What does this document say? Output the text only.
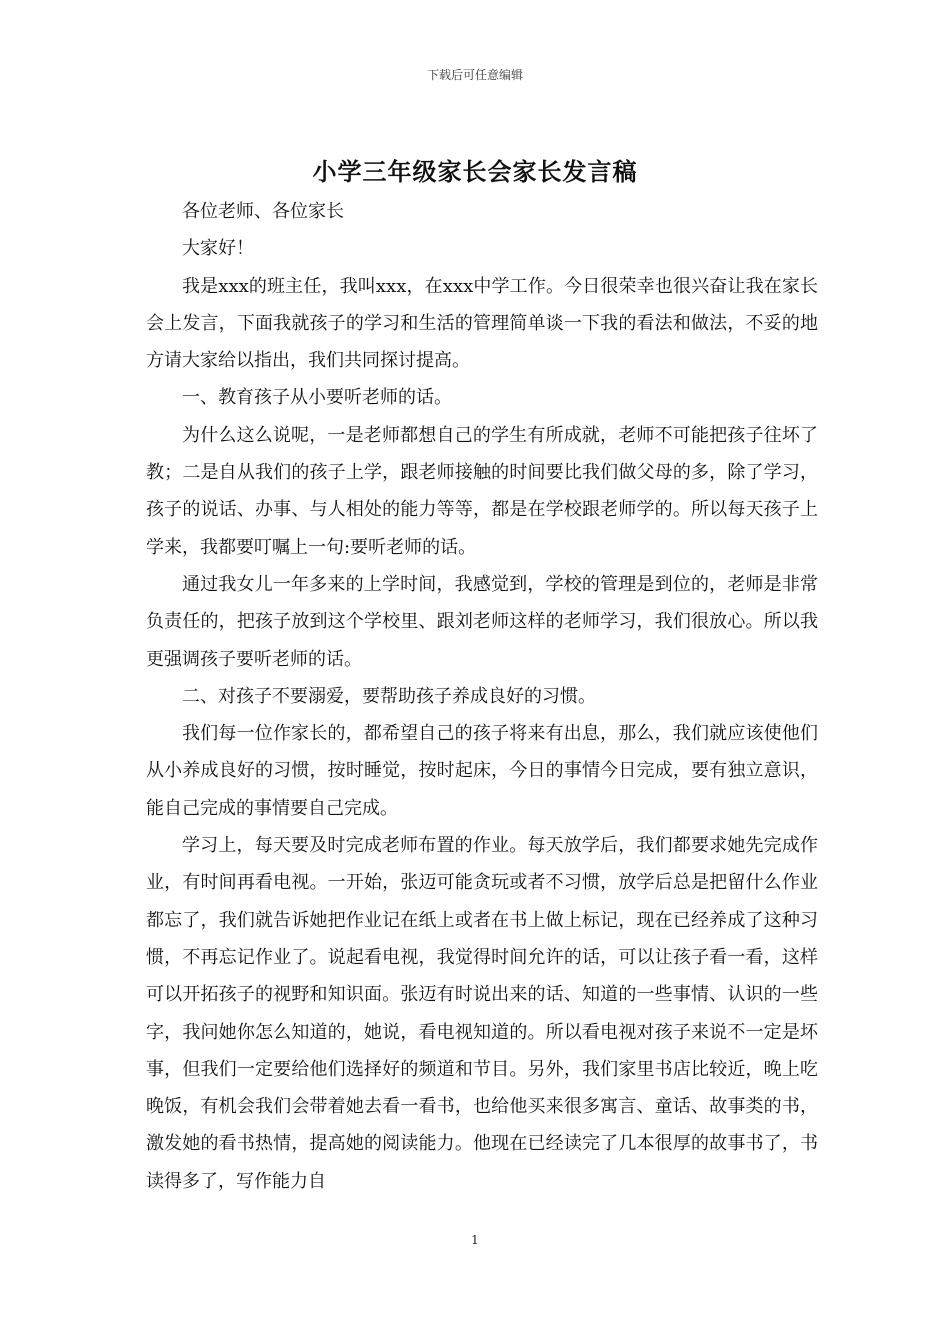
下载后可任意编辑
小学三年级家长会家长发言稿

各位老师、各位家长

大家好！

我是xxx的班主任，我叫xxx，在xxx中学工作。今日很荣幸也很兴奋让我在家长会上发言，下面我就孩子的学习和生活的管理简单谈一下我的看法和做法，不妥的地方请大家给以指出，我们共同探讨提高。

一、教育孩子从小要听老师的话。

为什么这么说呢，一是老师都想自己的学生有所成就，老师不可能把孩子往坏了教；二是自从我们的孩子上学，跟老师接触的时间要比我们做父母的多，除了学习，孩子的说话、办事、与人相处的能力等等，都是在学校跟老师学的。所以每天孩子上学来，我都要叮嘱上一句:要听老师的话。

通过我女儿一年多来的上学时间，我感觉到，学校的管理是到位的，老师是非常负责任的，把孩子放到这个学校里、跟刘老师这样的老师学习，我们很放心。所以我更强调孩子要听老师的话。

二、对孩子不要溺爱，要帮助孩子养成良好的习惯。

我们每一位作家长的，都希望自己的孩子将来有出息，那么，我们就应该使他们从小养成良好的习惯，按时睡觉，按时起床，今日的事情今日完成，要有独立意识，能自己完成的事情要自己完成。

学习上，每天要及时完成老师布置的作业。每天放学后，我们都要求她先完成作业，有时间再看电视。一开始，张迈可能贪玩或者不习惯，放学后总是把留什么作业都忘了，我们就告诉她把作业记在纸上或者在书上做上标记，现在已经养成了这种习惯，不再忘记作业了。说起看电视，我觉得时间允许的话，可以让孩子看一看，这样可以开拓孩子的视野和知识面。张迈有时说出来的话、知道的一些事情、认识的一些字，我问她你怎么知道的，她说，看电视知道的。所以看电视对孩子来说不一定是坏事，但我们一定要给他们选择好的频道和节目。另外，我们家里书店比较近，晚上吃晚饭，有机会我们会带着她去看一看书，也给他买来很多寓言、童话、故事类的书，激发她的看书热情，提高她的阅读能力。他现在已经读完了几本很厚的故事书了，书读得多了，写作能力自

1
